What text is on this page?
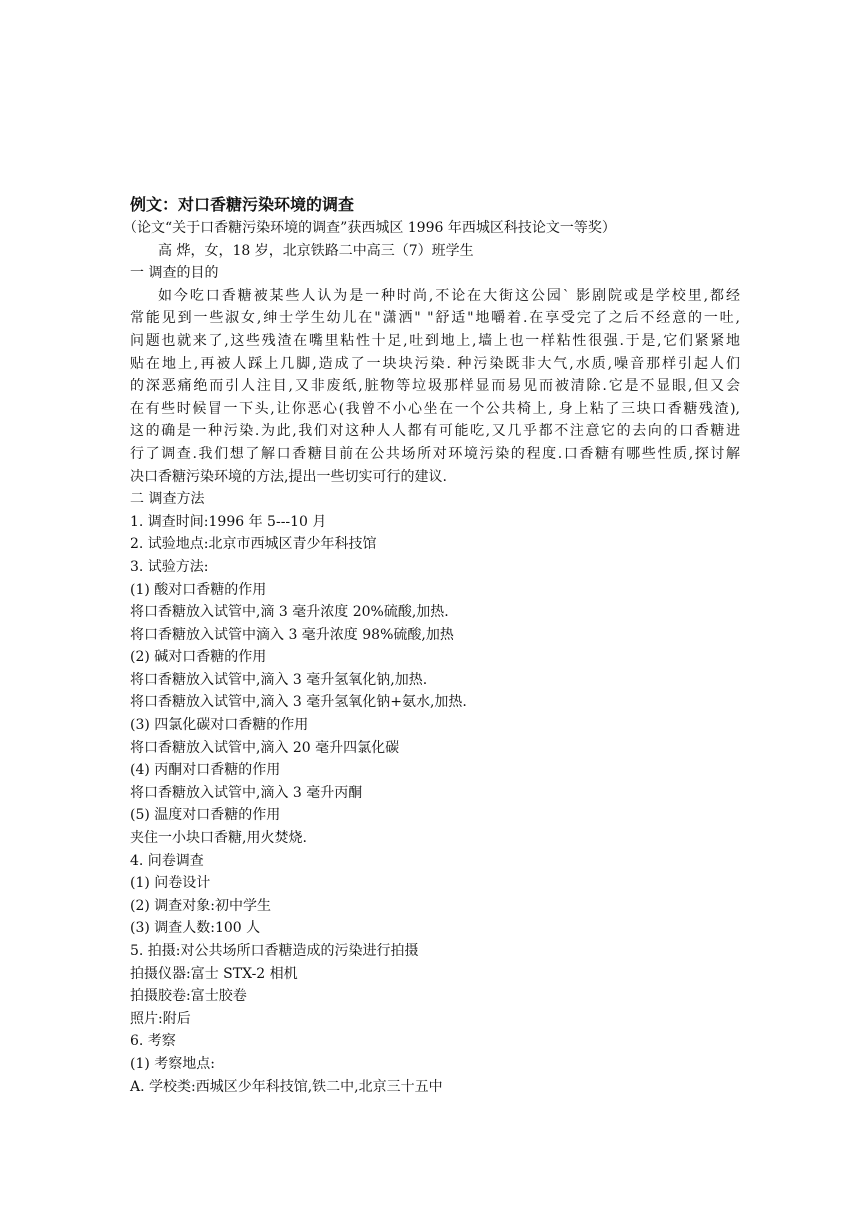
例文：对口香糖污染环境的调查
（论文“关于口香糖污染环境的调查”获西城区 1996 年西城区科技论文一等奖）
高 烨，女，18 岁，北京铁路二中高三（7）班学生
一 调查的目的
如今吃口香糖被某些人认为是一种时尚,不论在大街这公园` 影剧院或是学校里,都经
常能见到一些淑女,绅士学生幼儿在"潇洒" "舒适"地嚼着.在享受完了之后不经意的一吐,
问题也就来了,这些残渣在嘴里粘性十足,吐到地上,墙上也一样粘性很强.于是,它们紧紧地
贴在地上,再被人踩上几脚,造成了一块块污染. 种污染既非大气,水质,噪音那样引起人们
的深恶痛绝而引人注目,又非废纸,脏物等垃圾那样显而易见而被清除.它是不显眼,但又会
在有些时候冒一下头,让你恶心(我曾不小心坐在一个公共椅上, 身上粘了三块口香糖残渣),
这的确是一种污染.为此,我们对这种人人都有可能吃,又几乎都不注意它的去向的口香糖进
行了调查.我们想了解口香糖目前在公共场所对环境污染的程度.口香糖有哪些性质,探讨解
决口香糖污染环境的方法,提出一些切实可行的建议.
二 调查方法
1. 调查时间:1996 年 5---10 月
2. 试验地点:北京市西城区青少年科技馆
3. 试验方法:
(1) 酸对口香糖的作用
将口香糖放入试管中,滴 3 毫升浓度 20%硫酸,加热.
将口香糖放入试管中滴入 3 毫升浓度 98%硫酸,加热
(2) 碱对口香糖的作用
将口香糖放入试管中,滴入 3 毫升氢氧化钠,加热.
将口香糖放入试管中,滴入 3 毫升氢氧化钠+氨水,加热.
(3) 四氯化碳对口香糖的作用
将口香糖放入试管中,滴入 20 毫升四氯化碳
(4) 丙酮对口香糖的作用
将口香糖放入试管中,滴入 3 毫升丙酮
(5) 温度对口香糖的作用
夹住一小块口香糖,用火焚烧.
4. 问卷调查
(1) 问卷设计
(2) 调查对象:初中学生
(3) 调查人数:100 人
5. 拍摄:对公共场所口香糖造成的污染进行拍摄
拍摄仪器:富士 STX-2 相机
拍摄胶卷:富士胶卷
照片:附后
6. 考察
(1) 考察地点:
A. 学校类:西城区少年科技馆,铁二中,北京三十五中
